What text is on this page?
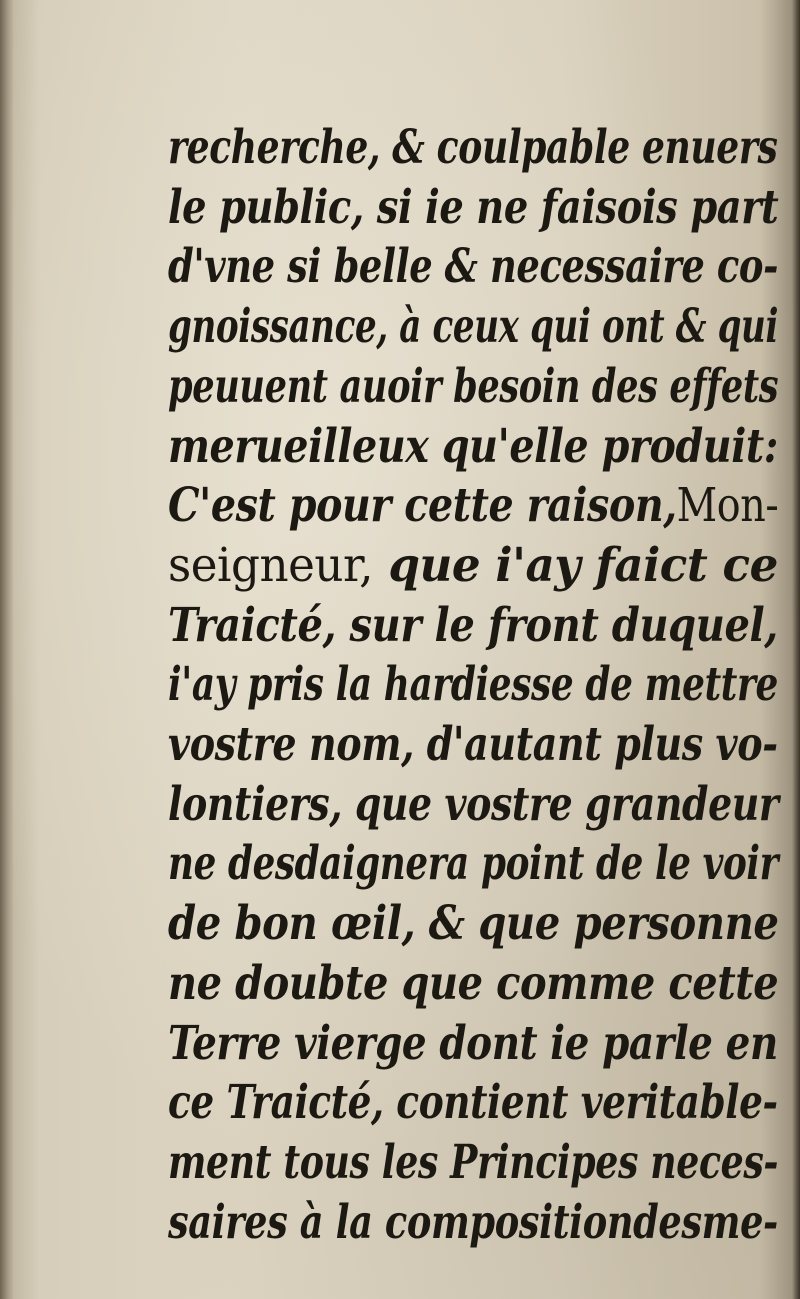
recherche, & coulpable enuers
le public, si ie ne faisois part
d'vne si belle & necessaire co-
gnoissance, à ceux qui ont & qui
peuuent auoir besoin des effets
merueilleux qu'elle produit:
C'est pour cette raison,Mon-
seigneur, que i'ay faict ce
Traicté, sur le front duquel,
i'ay pris la hardiesse de mettre
vostre nom, d'autant plus vo-
lontiers, que vostre grandeur
ne desdaignera point de le voir
de bon œil, & que personne
ne doubte que comme cette
Terre vierge dont ie parle en
ce Traicté, contient veritable-
ment tous les Principes neces-
saires à la compositiondesme-
